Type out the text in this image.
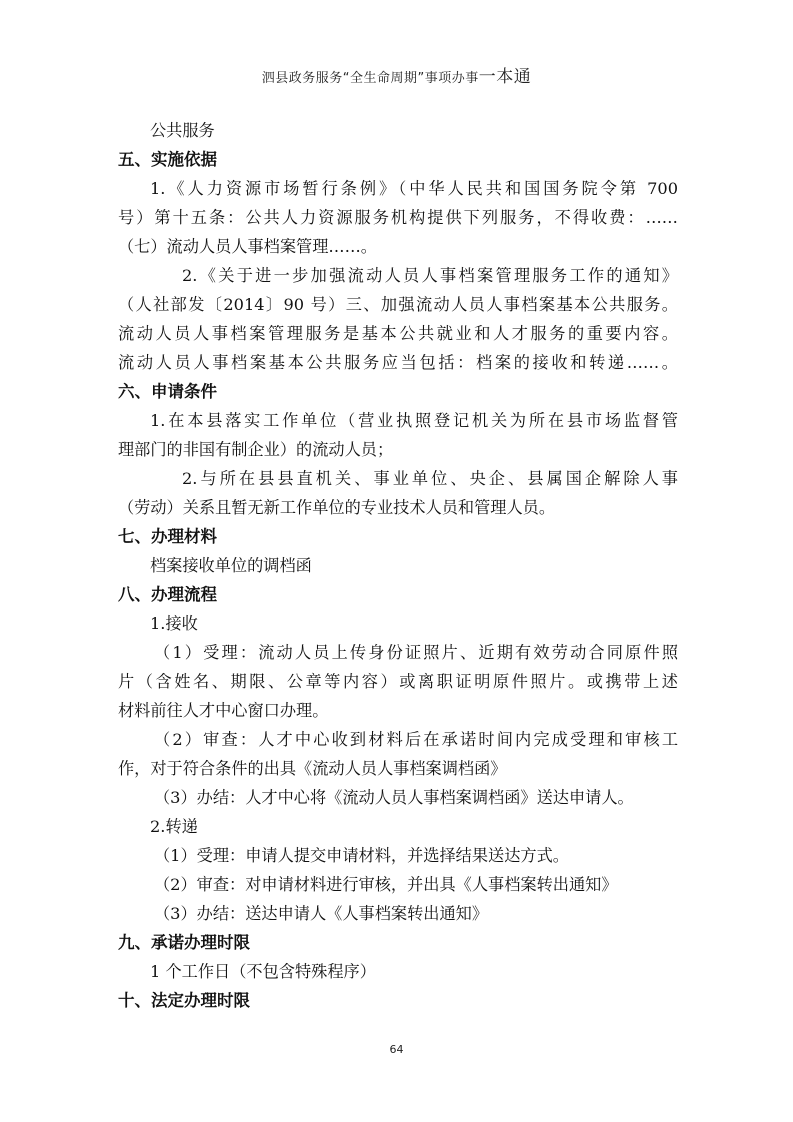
泗县政务服务“全生命周期”事项办事一本通
公共服务
五、实施依据
1.《人力资源市场暂行条例》（中华人民共和国国务院令第 700
号）第十五条：公共人力资源服务机构提供下列服务，不得收费：……
（七）流动人员人事档案管理……。
2.《关于进一步加强流动人员人事档案管理服务工作的通知》
（人社部发〔2014〕90 号）三、加强流动人员人事档案基本公共服务。
流动人员人事档案管理服务是基本公共就业和人才服务的重要内容。
流动人员人事档案基本公共服务应当包括：档案的接收和转递……。
六、申请条件
1.在本县落实工作单位（营业执照登记机关为所在县市场监督管
理部门的非国有制企业）的流动人员；
2.与所在县县直机关、事业单位、央企、县属国企解除人事
（劳动）关系且暂无新工作单位的专业技术人员和管理人员。
七、办理材料
档案接收单位的调档函
八、办理流程
1.接收
（1）受理：流动人员上传身份证照片、近期有效劳动合同原件照
片（含姓名、期限、公章等内容）或离职证明原件照片。或携带上述
材料前往人才中心窗口办理。
（2）审查：人才中心收到材料后在承诺时间内完成受理和审核工
作，对于符合条件的出具《流动人员人事档案调档函》
（3）办结：人才中心将《流动人员人事档案调档函》送达申请人。
2.转递
（1）受理：申请人提交申请材料，并选择结果送达方式。
（2）审查：对申请材料进行审核，并出具《人事档案转出通知》
（3）办结：送达申请人《人事档案转出通知》
九、承诺办理时限
1 个工作日（不包含特殊程序）
十、法定办理时限
64
